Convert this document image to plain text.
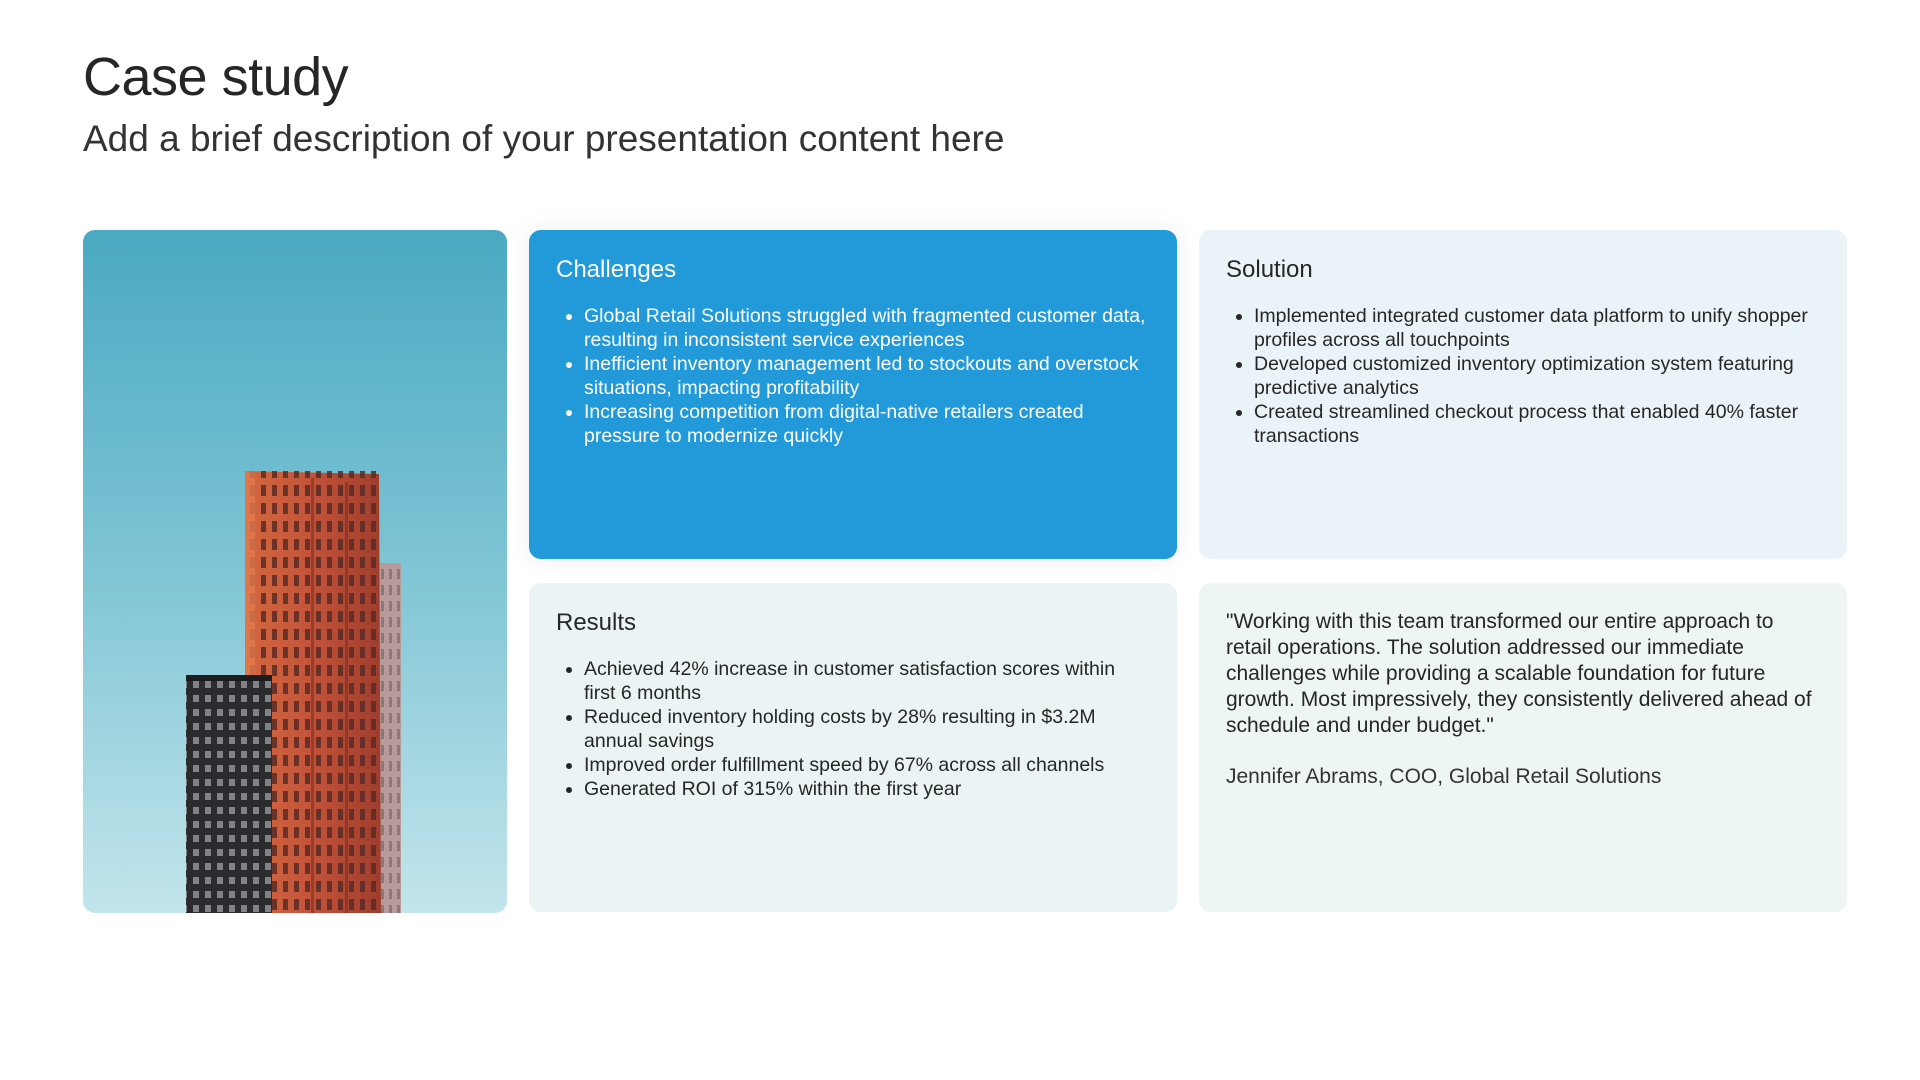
Case study

Add a brief description of your presentation content here

Challenges
• Global Retail Solutions struggled with fragmented customer data, resulting in inconsistent service experiences
• Inefficient inventory management led to stockouts and overstock situations, impacting profitability
• Increasing competition from digital-native retailers created pressure to modernize quickly
Solution
• Implemented integrated customer data platform to unify shopper profiles across all touchpoints
• Developed customized inventory optimization system featuring predictive analytics
• Created streamlined checkout process that enabled 40% faster transactions
Results
• Achieved 42% increase in customer satisfaction scores within first 6 months
• Reduced inventory holding costs by 28% resulting in $3.2M annual savings
• Improved order fulfillment speed by 67% across all channels
• Generated ROI of 315% within the first year

"Working with this team transformed our entire approach to retail operations. The solution addressed our immediate challenges while providing a scalable foundation for future growth. Most impressively, they consistently delivered ahead of schedule and under budget."

Jennifer Abrams, COO, Global Retail Solutions
